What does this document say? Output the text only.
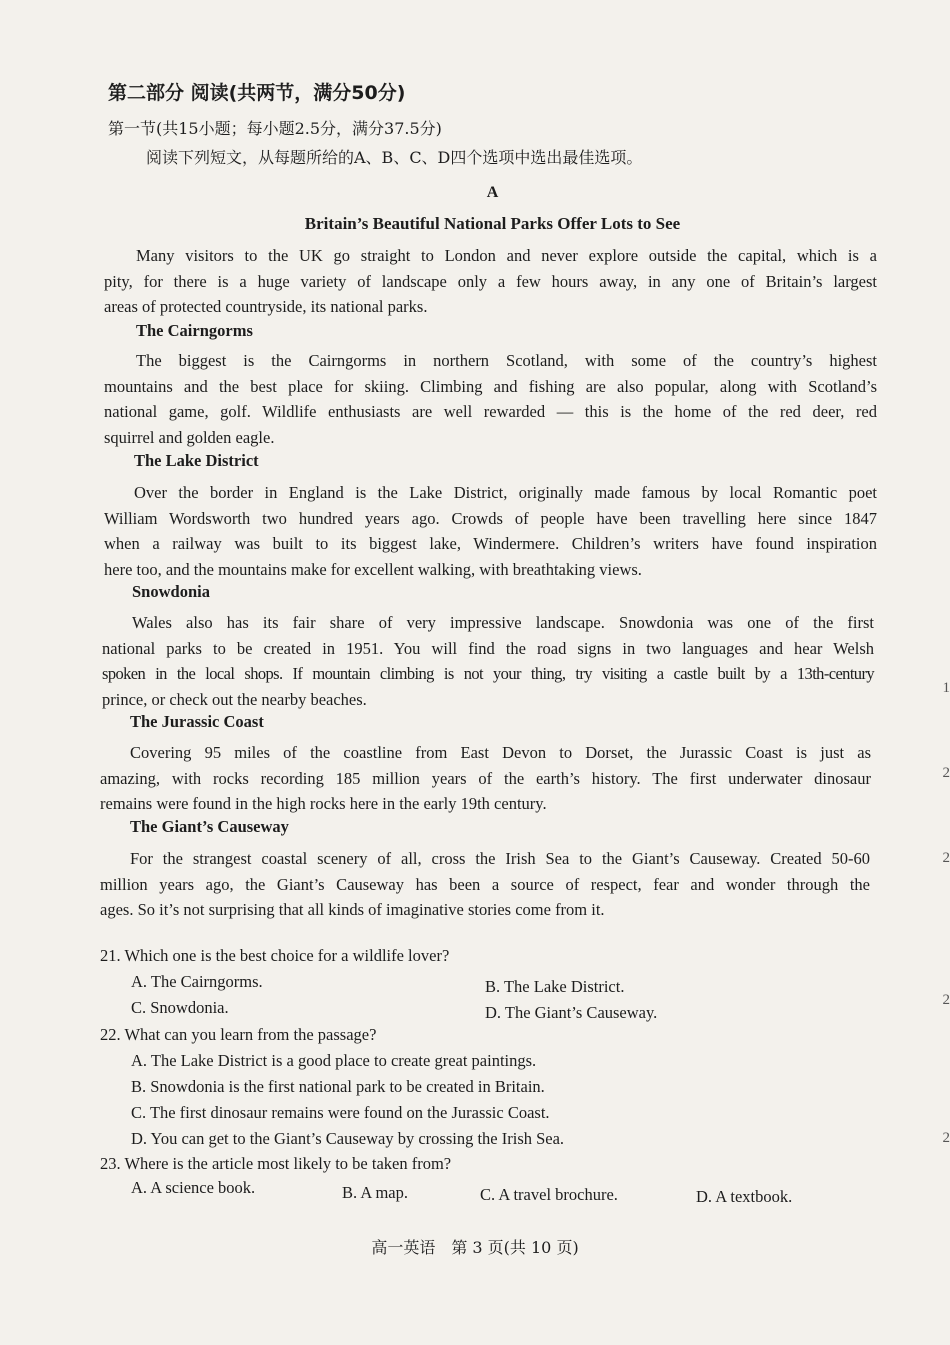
第二部分 阅读(共两节，满分50分)
第一节(共15小题；每小题2.5分，满分37.5分)
阅读下列短文，从每题所给的A、B、C、D四个选项中选出最佳选项。
A
Britain’s Beautiful National Parks Offer Lots to See
Many visitors to the UK go straight to London and never explore outside the capital, which is a
pity, for there is a huge variety of landscape only a few hours away, in any one of Britain’s largest
areas of protected countryside, its national parks.
The Cairngorms
The biggest is the Cairngorms in northern Scotland, with some of the country’s highest
mountains and the best place for skiing. Climbing and fishing are also popular, along with Scotland’s
national game, golf. Wildlife enthusiasts are well rewarded — this is the home of the red deer, red
squirrel and golden eagle.
The Lake District
Over the border in England is the Lake District, originally made famous by local Romantic poet
William Wordsworth two hundred years ago. Crowds of people have been travelling here since 1847
when a railway was built to its biggest lake, Windermere. Children’s writers have found inspiration
here too, and the mountains make for excellent walking, with breathtaking views.
Snowdonia
Wales also has its fair share of very impressive landscape. Snowdonia was one of the first
national parks to be created in 1951. You will find the road signs in two languages and hear Welsh
spoken in the local shops. If mountain climbing is not your thing, try visiting a castle built by a 13th-century
prince, or check out the nearby beaches.
The Jurassic Coast
Covering 95 miles of the coastline from East Devon to Dorset, the Jurassic Coast is just as
amazing, with rocks recording 185 million years of the earth’s history. The first underwater dinosaur
remains were found in the high rocks here in the early 19th century.
The Giant’s Causeway
For the strangest coastal scenery of all, cross the Irish Sea to the Giant’s Causeway. Created 50-60
million years ago, the Giant’s Causeway has been a source of respect, fear and wonder through the
ages. So it’s not surprising that all kinds of imaginative stories come from it.
21. Which one is the best choice for a wildlife lover?
A. The Cairngorms.	B. The Lake District.
C. Snowdonia.	D. The Giant’s Causeway.
22. What can you learn from the passage?
A. The Lake District is a good place to create great paintings.
B. Snowdonia is the first national park to be created in Britain.
C. The first dinosaur remains were found on the Jurassic Coast.
D. You can get to the Giant’s Causeway by crossing the Irish Sea.
23. Where is the article most likely to be taken from?
A. A science book.	B. A map.	C. A travel brochure.	D. A textbook.
高一英语　第 3 页(共 10 页)
1
2
2
2
2
